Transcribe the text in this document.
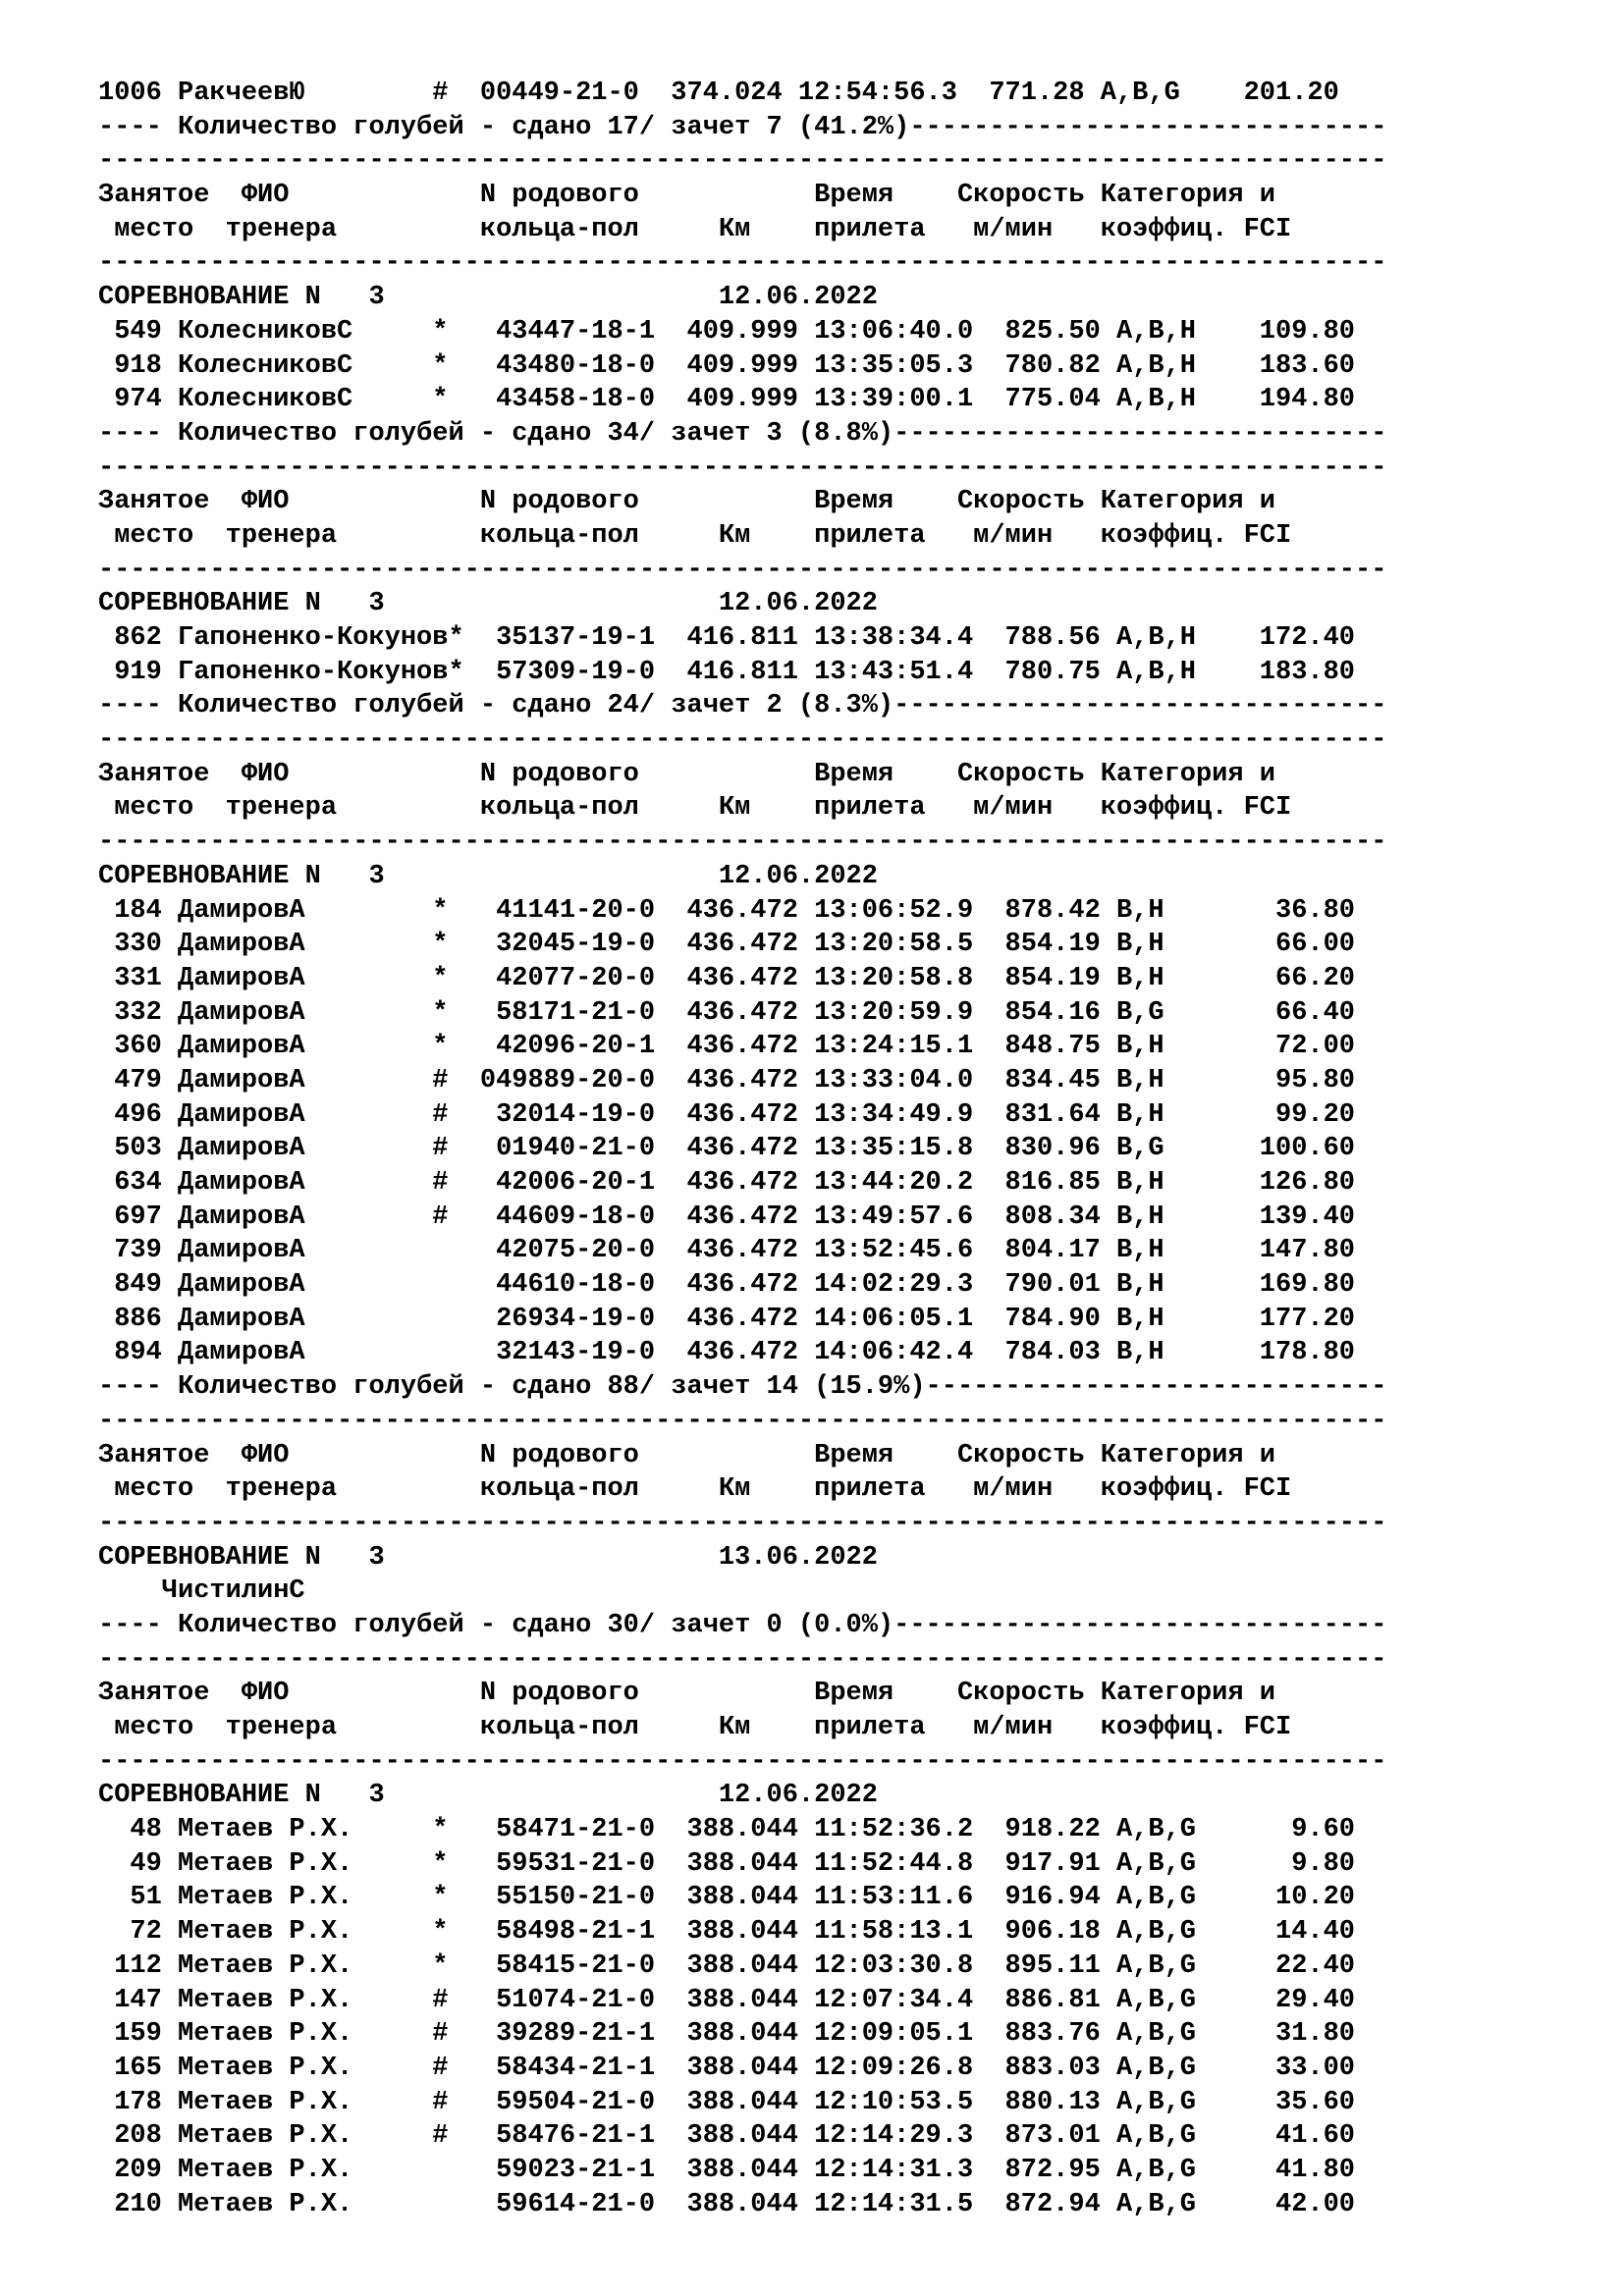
1006 РакчеевЮ        #  00449-21-0  374.024 12:54:56.3  771.28 A,B,G    201.20
---- Количество голубей - сдано 17/ зачет 7 (41.2%)------------------------------
---------------------------------------------------------------------------------
Занятое  ФИО            N родового           Время    Скорость Категория и
место  тренера         кольца-пол     Км    прилета   м/мин   коэффиц. FCI
---------------------------------------------------------------------------------
СОРЕВНОВАНИЕ N   3                     12.06.2022
549 КолесниковС     *   43447-18-1  409.999 13:06:40.0  825.50 A,B,H    109.80
918 КолесниковС     *   43480-18-0  409.999 13:35:05.3  780.82 A,B,H    183.60
974 КолесниковС     *   43458-18-0  409.999 13:39:00.1  775.04 A,B,H    194.80
---- Количество голубей - сдано 34/ зачет 3 (8.8%)-------------------------------
---------------------------------------------------------------------------------
Занятое  ФИО            N родового           Время    Скорость Категория и
место  тренера         кольца-пол     Км    прилета   м/мин   коэффиц. FCI
---------------------------------------------------------------------------------
СОРЕВНОВАНИЕ N   3                     12.06.2022
862 Гапоненко-Кокунов*  35137-19-1  416.811 13:38:34.4  788.56 A,B,H    172.40
919 Гапоненко-Кокунов*  57309-19-0  416.811 13:43:51.4  780.75 A,B,H    183.80
---- Количество голубей - сдано 24/ зачет 2 (8.3%)-------------------------------
---------------------------------------------------------------------------------
Занятое  ФИО            N родового           Время    Скорость Категория и
место  тренера         кольца-пол     Км    прилета   м/мин   коэффиц. FCI
---------------------------------------------------------------------------------
СОРЕВНОВАНИЕ N   3                     12.06.2022
184 ДамировА        *   41141-20-0  436.472 13:06:52.9  878.42 B,H       36.80
330 ДамировА        *   32045-19-0  436.472 13:20:58.5  854.19 B,H       66.00
331 ДамировА        *   42077-20-0  436.472 13:20:58.8  854.19 B,H       66.20
332 ДамировА        *   58171-21-0  436.472 13:20:59.9  854.16 B,G       66.40
360 ДамировА        *   42096-20-1  436.472 13:24:15.1  848.75 B,H       72.00
479 ДамировА        #  049889-20-0  436.472 13:33:04.0  834.45 B,H       95.80
496 ДамировА        #   32014-19-0  436.472 13:34:49.9  831.64 B,H       99.20
503 ДамировА        #   01940-21-0  436.472 13:35:15.8  830.96 B,G      100.60
634 ДамировА        #   42006-20-1  436.472 13:44:20.2  816.85 B,H      126.80
697 ДамировА        #   44609-18-0  436.472 13:49:57.6  808.34 B,H      139.40
739 ДамировА            42075-20-0  436.472 13:52:45.6  804.17 B,H      147.80
849 ДамировА            44610-18-0  436.472 14:02:29.3  790.01 B,H      169.80
886 ДамировА            26934-19-0  436.472 14:06:05.1  784.90 B,H      177.20
894 ДамировА            32143-19-0  436.472 14:06:42.4  784.03 B,H      178.80
---- Количество голубей - сдано 88/ зачет 14 (15.9%)-----------------------------
---------------------------------------------------------------------------------
Занятое  ФИО            N родового           Время    Скорость Категория и
место  тренера         кольца-пол     Км    прилета   м/мин   коэффиц. FCI
---------------------------------------------------------------------------------
СОРЕВНОВАНИЕ N   3                     13.06.2022
ЧистилинС
---- Количество голубей - сдано 30/ зачет 0 (0.0%)-------------------------------
---------------------------------------------------------------------------------
Занятое  ФИО            N родового           Время    Скорость Категория и
место  тренера         кольца-пол     Км    прилета   м/мин   коэффиц. FCI
---------------------------------------------------------------------------------
СОРЕВНОВАНИЕ N   3                     12.06.2022
48 Метаев Р.Х.     *   58471-21-0  388.044 11:52:36.2  918.22 A,B,G      9.60
49 Метаев Р.Х.     *   59531-21-0  388.044 11:52:44.8  917.91 A,B,G      9.80
51 Метаев Р.Х.     *   55150-21-0  388.044 11:53:11.6  916.94 A,B,G     10.20
72 Метаев Р.Х.     *   58498-21-1  388.044 11:58:13.1  906.18 A,B,G     14.40
112 Метаев Р.Х.     *   58415-21-0  388.044 12:03:30.8  895.11 A,B,G     22.40
147 Метаев Р.Х.     #   51074-21-0  388.044 12:07:34.4  886.81 A,B,G     29.40
159 Метаев Р.Х.     #   39289-21-1  388.044 12:09:05.1  883.76 A,B,G     31.80
165 Метаев Р.Х.     #   58434-21-1  388.044 12:09:26.8  883.03 A,B,G     33.00
178 Метаев Р.Х.     #   59504-21-0  388.044 12:10:53.5  880.13 A,B,G     35.60
208 Метаев Р.Х.     #   58476-21-1  388.044 12:14:29.3  873.01 A,B,G     41.60
209 Метаев Р.Х.         59023-21-1  388.044 12:14:31.3  872.95 A,B,G     41.80
210 Метаев Р.Х.         59614-21-0  388.044 12:14:31.5  872.94 A,B,G     42.00
